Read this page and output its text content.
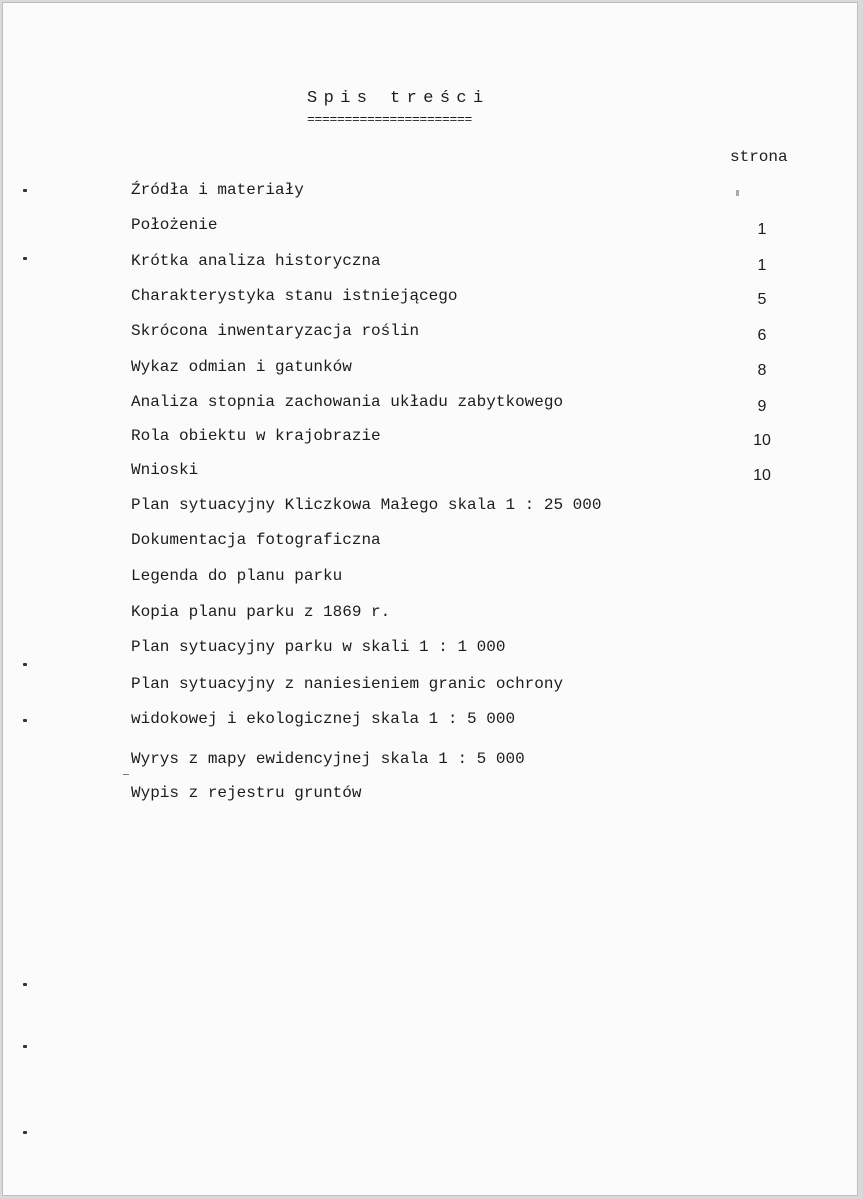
Spis treści
======================
strona
Źródła i materiały
Położenie	1
Krótka analiza historyczna	1
Charakterystyka stanu istniejącego	5
Skrócona inwentaryzacja roślin	6
Wykaz odmian i gatunków	8
Analiza stopnia zachowania układu zabytkowego	9
Rola obiektu w krajobrazie	10
Wnioski	10
Plan sytuacyjny Kliczkowa Małego skala 1 : 25 000
Dokumentacja fotograficzna
Legenda do planu parku
Kopia planu parku z 1869 r.
Plan sytuacyjny parku w skali 1 : 1 000
Plan sytuacyjny z naniesieniem granic ochrony
widokowej i ekologicznej skala 1 : 5 000
Wyrys z mapy ewidencyjnej skala 1 : 5 000
Wypis z rejestru gruntów
